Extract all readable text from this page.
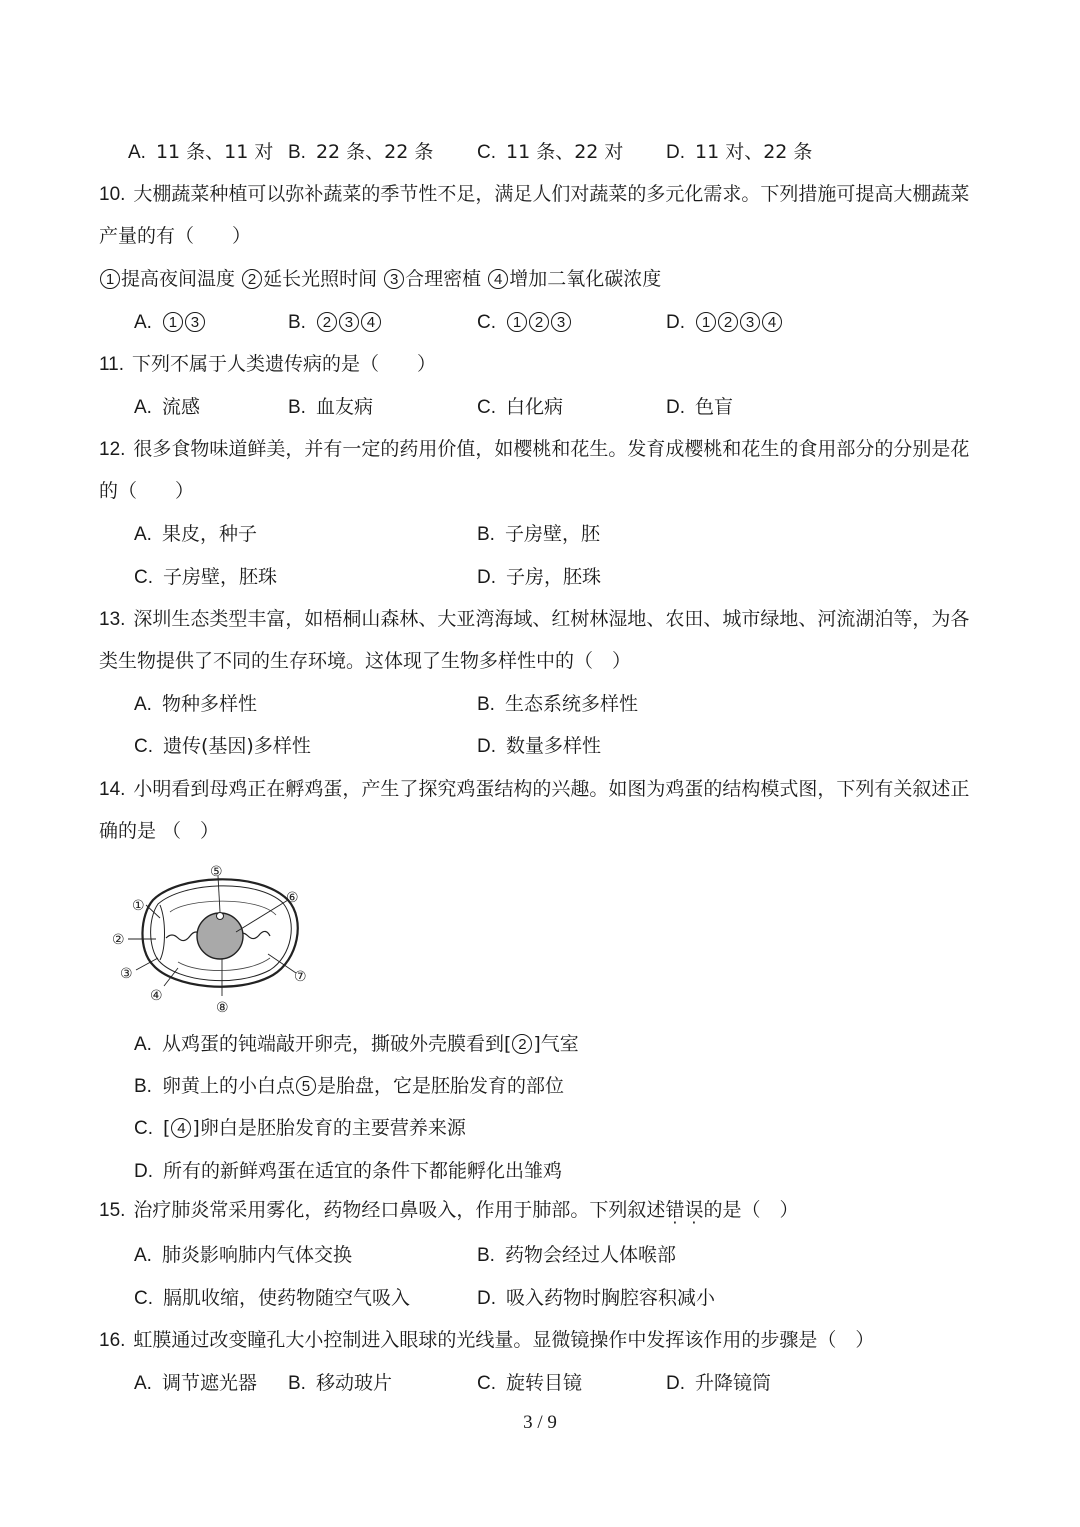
A. 11 条、11 对 B. 22 条、22 条 C. 11 条、22 对 D. 11 对、22 条
10. 大棚蔬菜种植可以弥补蔬菜的季节性不足，满足人们对蔬菜的多元化需求。下列措施可提高大棚蔬菜
产量的有（　　）
1 提高夜间温度 2 延长光照时间 3 合理密植 4 增加二氧化碳浓度
A. 1 3	B. 2 3 4	C. 1 2 3	D. 1 2 3 4
11. 下列不属于人类遗传病的是（　　）
A. 流感	B. 血友病	C. 白化病	D. 色盲
12. 很多食物味道鲜美，并有一定的药用价值，如樱桃和花生。发育成樱桃和花生的食用部分的分别是花
的（　　）
A. 果皮，种子	B. 子房壁，胚
C. 子房壁，胚珠	D. 子房，胚珠
13. 深圳生态类型丰富，如梧桐山森林、大亚湾海域、红树林湿地、农田、城市绿地、河流湖泊等，为各
类生物提供了不同的生存环境。这体现了生物多样性中的（　）
A. 物种多样性	B. 生态系统多样性
C. 遗传(基因)多样性	D. 数量多样性
14. 小明看到母鸡正在孵鸡蛋，产生了探究鸡蛋结构的兴趣。如图为鸡蛋的结构模式图，下列有关叙述正
确的是 （　）
①
②
③
④
⑤
⑥
⑦
⑧
A. 从鸡蛋的钝端敲开卵壳，撕破外壳膜看到[ 2 ]气室
B. 卵黄上的小白点 5 是胎盘，它是胚胎发育的部位
C. [ 4 ]卵白是胚胎发育的主要营养来源
D. 所有的新鲜鸡蛋在适宜的条件下都能孵化出雏鸡
15. 治疗肺炎常采用雾化，药物经口鼻吸入，作用于肺部。下列叙述错误的是（　）
A. 肺炎影响肺内气体交换	B. 药物会经过人体喉部
C. 膈肌收缩，使药物随空气吸入	D. 吸入药物时胸腔容积减小
16. 虹膜通过改变瞳孔大小控制进入眼球的光线量。显微镜操作中发挥该作用的步骤是（　）
A. 调节遮光器 B. 移动玻片	C. 旋转目镜	D. 升降镜筒
3 / 9
